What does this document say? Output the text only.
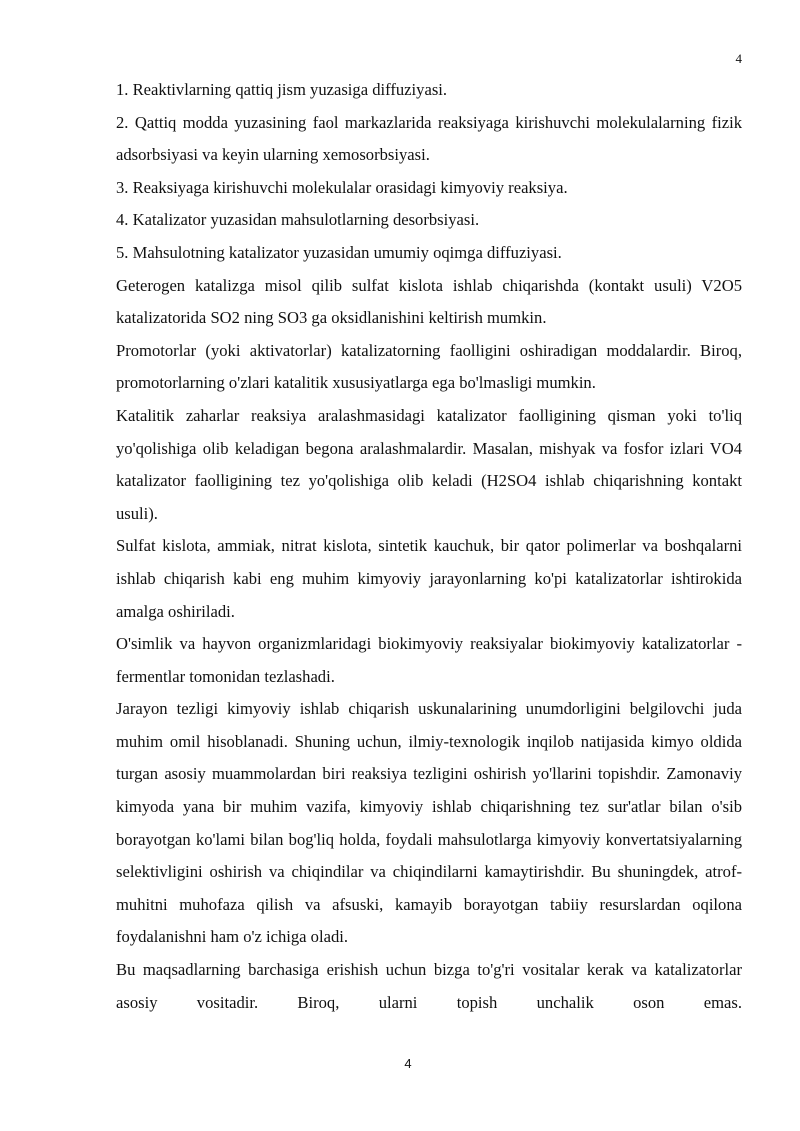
4

1. Reaktivlarning qattiq jism yuzasiga diffuziyasi.

2. Qattiq modda yuzasining faol markazlarida reaksiyaga kirishuvchi molekulalarning fizik adsorbsiyasi va keyin ularning xemosorbsiyasi.

3. Reaksiyaga kirishuvchi molekulalar orasidagi kimyoviy reaksiya.

4. Katalizator yuzasidan mahsulotlarning desorbsiyasi.

5. Mahsulotning katalizator yuzasidan umumiy oqimga diffuziyasi.

Geterogen katalizga misol qilib sulfat kislota ishlab chiqarishda (kontakt usuli) V2O5 katalizatorida SO2 ning SO3 ga oksidlanishini keltirish mumkin.

Promotorlar (yoki aktivatorlar) katalizatorning faolligini oshiradigan moddalardir. Biroq, promotorlarning o'zlari katalitik xususiyatlarga ega bo'lmasligi mumkin.

Katalitik zaharlar reaksiya aralashmasidagi katalizator faolligining qisman yoki to'liq yo'qolishiga olib keladigan begona aralashmalardir. Masalan, mishyak va fosfor izlari VO4 katalizator faolligining tez yo'qolishiga olib keladi (H2SO4 ishlab chiqarishning kontakt usuli).

Sulfat kislota, ammiak, nitrat kislota, sintetik kauchuk, bir qator polimerlar va boshqalarni ishlab chiqarish kabi eng muhim kimyoviy jarayonlarning ko'pi katalizatorlar ishtirokida amalga oshiriladi.

O'simlik va hayvon organizmlaridagi biokimyoviy reaksiyalar biokimyoviy katalizatorlar - fermentlar tomonidan tezlashadi.

Jarayon tezligi kimyoviy ishlab chiqarish uskunalarining unumdorligini belgilovchi juda muhim omil hisoblanadi. Shuning uchun, ilmiy-texnologik inqilob natijasida kimyo oldida turgan asosiy muammolardan biri reaksiya tezligini oshirish yo'llarini topishdir. Zamonaviy kimyoda yana bir muhim vazifa, kimyoviy ishlab chiqarishning tez sur'atlar bilan o'sib borayotgan ko'lami bilan bog'liq holda, foydali mahsulotlarga kimyoviy konvertatsiyalarning selektivligini oshirish va chiqindilar va chiqindilarni kamaytirishdir. Bu shuningdek, atrof-muhitni muhofaza qilish va afsuski, kamayib borayotgan tabiiy resurslardan oqilona foydalanishni ham o'z ichiga oladi.

Bu maqsadlarning barchasiga erishish uchun bizga to'g'ri vositalar kerak va katalizatorlar asosiy vositadir. Biroq, ularni topish unchalik oson emas.

4
